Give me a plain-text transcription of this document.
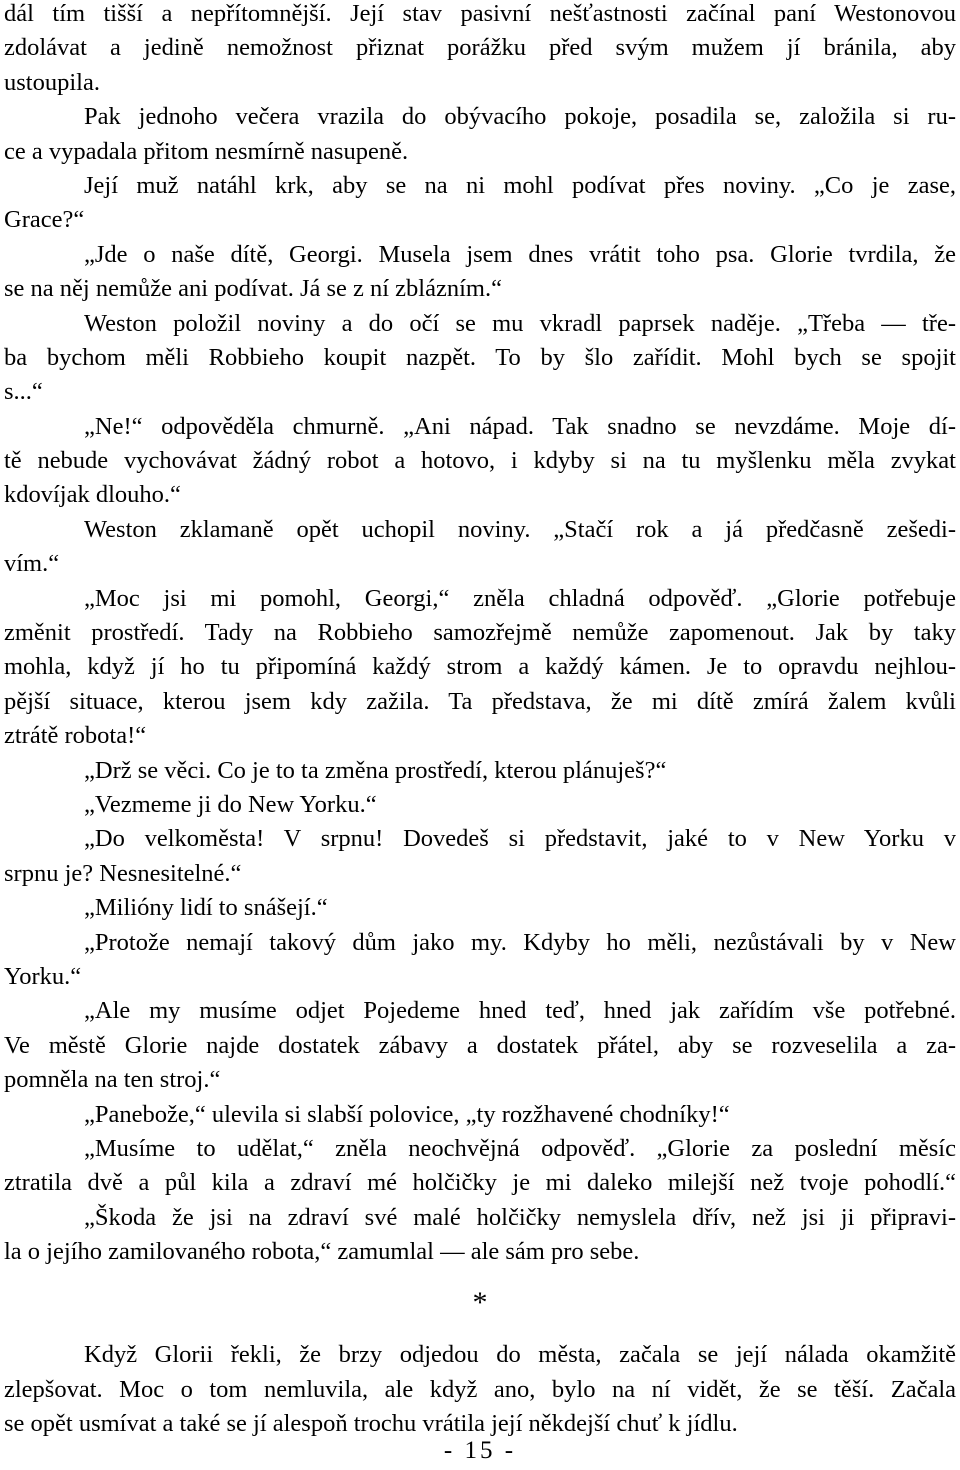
dál tím tišší a nepřítomnější. Její stav pasivní nešťastnosti začínal paní Westonovou
zdolávat a jedině nemožnost přiznat porážku před svým mužem jí bránila, aby
ustoupila.
Pak jednoho večera vrazila do obývacího pokoje, posadila se, založila si ru-
ce a vypadala přitom nesmírně nasupeně.
Její muž natáhl krk, aby se na ni mohl podívat přes noviny. „Co je zase,
Grace?“
„Jde o naše dítě, Georgi. Musela jsem dnes vrátit toho psa. Glorie tvrdila, že
se na něj nemůže ani podívat. Já se z ní zblázním.“
Weston položil noviny a do očí se mu vkradl paprsek naděje. „Třeba — tře-
ba bychom měli Robbieho koupit nazpět. To by šlo zařídit. Mohl bych se spojit
s...“
„Ne!“ odpověděla chmurně. „Ani nápad. Tak snadno se nevzdáme. Moje dí-
tě nebude vychovávat žádný robot a hotovo, i kdyby si na tu myšlenku měla zvykat
kdovíjak dlouho.“
Weston zklamaně opět uchopil noviny. „Stačí rok a já předčasně zešedi-
vím.“
„Moc jsi mi pomohl, Georgi,“ zněla chladná odpověď. „Glorie potřebuje
změnit prostředí. Tady na Robbieho samozřejmě nemůže zapomenout. Jak by taky
mohla, když jí ho tu připomíná každý strom a každý kámen. Je to opravdu nejhlou-
pější situace, kterou jsem kdy zažila. Ta představa, že mi dítě zmírá žalem kvůli
ztrátě robota!“
„Drž se věci. Co je to ta změna prostředí, kterou plánuješ?“
„Vezmeme ji do New Yorku.“
„Do velkoměsta! V srpnu! Dovedeš si představit, jaké to v New Yorku v
srpnu je? Nesnesitelné.“
„Milióny lidí to snášejí.“
„Protože nemají takový dům jako my. Kdyby ho měli, nezůstávali by v New
Yorku.“
„Ale my musíme odjet Pojedeme hned teď, hned jak zařídím vše potřebné.
Ve městě Glorie najde dostatek zábavy a dostatek přátel, aby se rozveselila a za-
pomněla na ten stroj.“
„Panebože,“ ulevila si slabší polovice, „ty rozžhavené chodníky!“
„Musíme to udělat,“ zněla neochvějná odpověď. „Glorie za poslední měsíc
ztratila dvě a půl kila a zdraví mé holčičky je mi daleko milejší než tvoje pohodlí.“
„Škoda že jsi na zdraví své malé holčičky nemyslela dřív, než jsi ji připravi-
la o jejího zamilovaného robota,“ zamumlal — ale sám pro sebe.
*
Když Glorii řekli, že brzy odjedou do města, začala se její nálada okamžitě
zlepšovat. Moc o tom nemluvila, ale když ano, bylo na ní vidět, že se těší. Začala
se opět usmívat a také se jí alespoň trochu vrátila její někdejší chuť k jídlu.
- 15 -
